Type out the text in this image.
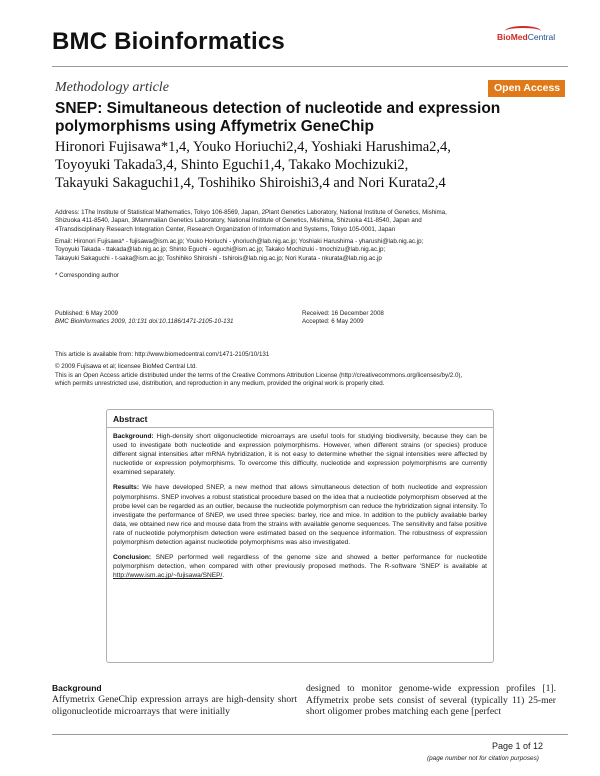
BMC Bioinformatics	BioMedCentral
Methodology article	Open Access
SNEP: Simultaneous detection of nucleotide and expression polymorphisms using Affymetrix GeneChip
Hironori Fujisawa*1,4, Youko Horiuchi2,4, Yoshiaki Harushima2,4,
Toyoyuki Takada3,4, Shinto Eguchi1,4, Takako Mochizuki2,
Takayuki Sakaguchi1,4, Toshihiko Shiroishi3,4 and Nori Kurata2,4
Address: 1The Institute of Statistical Mathematics, Tokyo 106-8569, Japan, 2Plant Genetics Laboratory, National Institute of Genetics, Mishima,
Shizuoka 411-8540, Japan, 3Mammalian Genetics Laboratory, National Institute of Genetics, Mishima, Shizuoka 411-8540, Japan and
4Transdisciplinary Research Integration Center, Research Organization of Information and Systems, Tokyo 105-0001, Japan
Email: Hironori Fujisawa* - fujisawa@ism.ac.jp; Youko Horiuchi - yhoriuch@lab.nig.ac.jp; Yoshiaki Harushima - yharushi@lab.nig.ac.jp;
Toyoyuki Takada - ttakada@lab.nig.ac.jp; Shinto Eguchi - eguchi@ism.ac.jp; Takako Mochizuki - tmochizu@lab.nig.ac.jp;
Takayuki Sakaguchi - t-saka@ism.ac.jp; Toshihiko Shiroishi - tshirois@lab.nig.ac.jp; Nori Kurata - nkurata@lab.nig.ac.jp
* Corresponding author
Published: 6 May 2009
BMC Bioinformatics 2009, 10:131 doi:10.1186/1471-2105-10-131
Received: 16 December 2008
Accepted: 6 May 2009
This article is available from: http://www.biomedcentral.com/1471-2105/10/131
© 2009 Fujisawa et al; licensee BioMed Central Ltd.
This is an Open Access article distributed under the terms of the Creative Commons Attribution License (http://creativecommons.org/licenses/by/2.0),
which permits unrestricted use, distribution, and reproduction in any medium, provided the original work is properly cited.
Abstract

Background: High-density short oligonucleotide microarrays are useful tools for studying biodiversity, because they can be used to investigate both nucleotide and expression polymorphisms. However, when different strains (or species) produce different signal intensities after mRNA hybridization, it is not easy to determine whether the signal intensities were affected by nucleotide or expression polymorphisms. To overcome this difficulty, nucleotide and expression polymorphisms are currently examined separately.

Results: We have developed SNEP, a new method that allows simultaneous detection of both nucleotide and expression polymorphisms. SNEP involves a robust statistical procedure based on the idea that a nucleotide polymorphism observed at the probe level can be regarded as an outlier, because the nucleotide polymorphism can reduce the hybridization signal intensity. To investigate the performance of SNEP, we used three species: barley, rice and mice. In addition to the publicly available barley data, we obtained new rice and mouse data from the strains with available genome sequences. The sensitivity and false positive rate of nucleotide polymorphism detection were estimated based on the sequence information. The robustness of expression polymorphism detection against nucleotide polymorphisms was also investigated.

Conclusion: SNEP performed well regardless of the genome size and showed a better performance for nucleotide polymorphism detection, when compared with other previously proposed methods. The R-software 'SNEP' is available at http://www.ism.ac.jp/~fujisawa/SNEP/.

Background
Affymetrix GeneChip expression arrays are high-density short oligonucleotide microarrays that were initially
designed to monitor genome-wide expression profiles [1]. Affymetrix probe sets consist of several (typically 11) 25-mer short oligomer probes matching each gene [perfect
Page 1 of 12
(page number not for citation purposes)
